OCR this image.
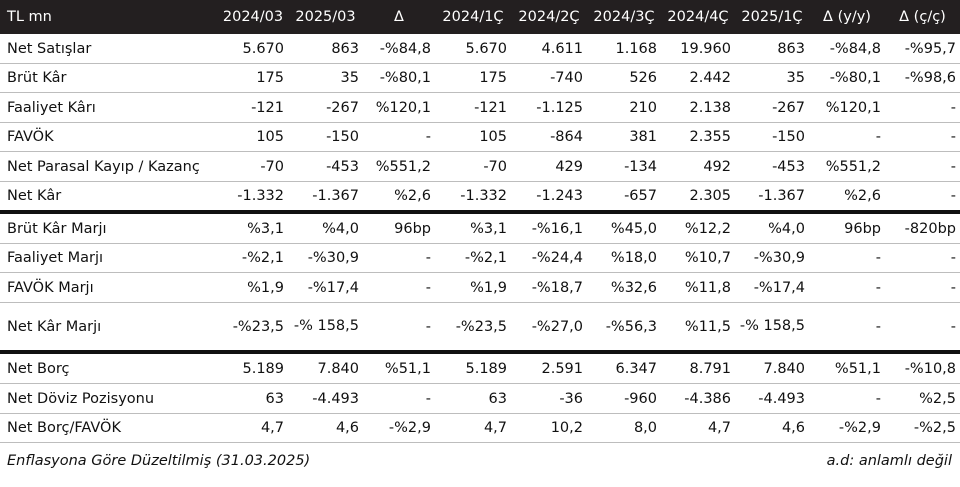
TL mn	2024/03	2025/03	Δ	2024/1Ç	2024/2Ç	2024/3Ç	2024/4Ç	2025/1Ç	Δ (y/y)	Δ (ç/ç)
Net Satışlar	5.670	863	-%84,8	5.670	4.611	1.168	19.960	863	-%84,8	-%95,7
Brüt Kâr	175	35	-%80,1	175	-740	526	2.442	35	-%80,1	-%98,6
Faaliyet Kârı	-121	-267	%120,1	-121	-1.125	210	2.138	-267	%120,1	-
FAVÖK	105	-150	-	105	-864	381	2.355	-150	-	-
Net Parasal Kayıp / Kazanç	-70	-453	%551,2	-70	429	-134	492	-453	%551,2	-
Net Kâr	-1.332	-1.367	%2,6	-1.332	-1.243	-657	2.305	-1.367	%2,6	-
Brüt Kâr Marjı	%3,1	%4,0	96bp	%3,1	-%16,1	%45,0	%12,2	%4,0	96bp	-820bp
Faaliyet Marjı	-%2,1	-%30,9	-	-%2,1	-%24,4	%18,0	%10,7	-%30,9	-	-
FAVÖK Marjı	%1,9	-%17,4	-	%1,9	-%18,7	%32,6	%11,8	-%17,4	-	-
Net Kâr Marjı	-%23,5	-% 158,5	-	-%23,5	-%27,0	-%56,3	%11,5	-% 158,5	-	-
Net Borç	5.189	7.840	%51,1	5.189	2.591	6.347	8.791	7.840	%51,1	-%10,8
Net Döviz Pozisyonu	63	-4.493	-	63	-36	-960	-4.386	-4.493	-	%2,5
Net Borç/FAVÖK	4,7	4,6	-%2,9	4,7	10,2	8,0	4,7	4,6	-%2,9	-%2,5
Enflasyona Göre Düzeltilmiş (31.03.2025)	a.d: anlamlı değil
